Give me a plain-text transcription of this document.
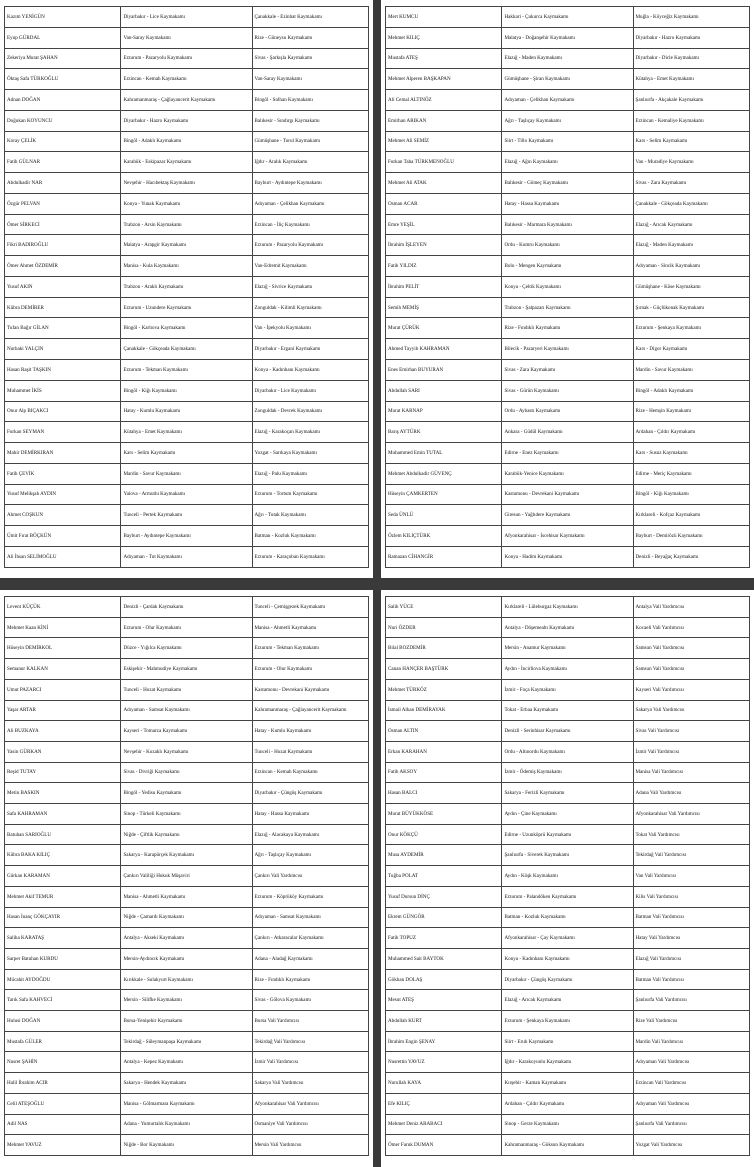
Kazım YENİGÜN	Diyarbakır - Lice Kaymakamı	Çanakkale - Ezinbat Kaymakamı
Eyup GÜRDAL	Van-Saray Kaymakamı	Rize - Güneysu Kaymakamı
Zekeriya Murat ŞAHAN	Erzurum - Pazaryolu Kaymakamı	Sivas - Şarkışla Kaymakamı
Öktaş Safa TÜRKOĞLU	Erzincan - Kemah Kaymakamı	Van-Saray Kaymakamı
Adnan DOĞAN	Kahramanmaraş - Çağlayancerit Kaymakamı	Bingöl - Solhan Kaymakamı
Doğukan KOYUNCU	Diyarbakır - Hazro Kaymakamı	Balıkesir - Sındırgı Kaymakamı
Koray ÇELİK	Bingöl - Adaklı Kaymakamı	Gümüşhane - Torul Kaymakamı
Fatih GÜLNAR	Karabük - Eskipazar Kaymakamı	Iğdır - Aralık Kaymakamı
Abdulkadir NAR	Nevşehir - Hacıbektaş Kaymakamı	Bayburt - Aydıntepe Kaymakamı
Özgür PELVAN	Konya - Yunak Kaymakamı	Adıyaman - Çelikhan Kaymakamı
Ömer SİRKECİ	Trabzon - Arsin Kaymakamı	Erzincan - İliç Kaymakamı
Fikri BADIROĞLU	Malatya - Arapgir Kaymakamı	Erzurum - Pazaryolu Kaymakamı
Ömer Ahmet ÖZDEMİR	Manisa - Kula Kaymakamı	Van-Edremit Kaymakamı
Yusuf AKIN	Trabzon - Araklı Kaymakamı	Elazığ - Sivrice Kaymakamı
Kübra DEMİRER	Erzurum - Uzundere Kaymakamı	Zonguldak - Kilimli Kaymakamı
Tufan Bağır GİLAN	Bingöl - Karlıova Kaymakamı	Van - İpekyolu Kaymakamı
Nurbaki YALÇIN	Çanakkale - Gökçeada Kaymakamı	Diyarbakır - Ergani Kaymakamı
Hasan Raşit TAŞKIN	Erzurum - Tekman Kaymakamı	Konya - Kadınhanı Kaymakamı
Muhammet İKİS	Bingöl - Kiğı Kaymakamı	Diyarbakır - Lice Kaymakamı
Onur Alp BIÇAKCI	Hatay - Kumlu Kaymakamı	Zonguldak - Devrek Kaymakamı
Furkan SEYMAN	Kütahya - Emet Kaymakamı	Elazığ - Karakoçan Kaymakamı
Mahir DEMİRKIRAN	Kars - Selim Kaymakamı	Yozgat - Sarıkaya Kaymakamı
Fatih ÇEVİK	Mardin - Savur Kaymakamı	Elazığ - Palu Kaymakamı
Yusuf Melikşah AYDIN	Yalova - Armutlu Kaymakamı	Erzurum - Tortum Kaymakamı
Ahmet COŞKUN	Tunceli - Pertek Kaymakamı	Ağrı - Tutak Kaymakamı
Ümit Fırat BÖÇKÜN	Bayburt - Aydıntepe Kaymakamı	Batman - Kozluk Kaymakamı
Ali İhsan SELİMOĞLU	Adıyaman - Tut Kaymakamı	Erzurum - Karaçoban Kaymakamı
Mert KUMCU	Hakkari - Çukurca Kaymakamı	Muğla - Köyceğiz Kaymakamı
Mehmet KILIÇ	Malatya - Doğanşehir Kaymakamı	Diyarbakır - Hazro Kaymakamı
Mustafa ATEŞ	Elazığ - Maden Kaymakamı	Diyarbakır - Dicle Kaymakamı
Mehmet Alperen BAŞKAPAN	Gümüşhane - Şiran Kaymakamı	Kütahya - Emet Kaymakamı
Ali Cemal ALTINÖZ	Adıyaman - Çelikhan Kaymakamı	Şanlıurfa - Akçakale Kaymakamı
Emirhan ARIKAN	Ağrı - Taşlıçay Kaymakamı	Erzincan - Kemaliye Kaymakamı
Mehmet Ali SEMİZ	Siirt - Tillo Kaymakamı	Kars - Selim Kaymakamı
Furkan Taha TÜRKMENOĞLU	Elazığ - Ağın Kaymakamı	Van - Muradiye Kaymakamı
Mehmet Ali ATAK	Balıkesir - Gömeç Kaymakamı	Sivas - Zara Kaymakamı
Osman ACAR	Hatay - Hassa Kaymakamı	Çanakkale - Gökçeada Kaymakamı
Emre YEŞİL	Balıkesir - Marmara Kaymakamı	Elazığ - Arıcak Kaymakamı
İbrahim İŞLEYEN	Ordu - Kumru Kaymakamı	Elazığ - Maden Kaymakamı
Fatih YILDIZ	Bolu - Mengen Kaymakamı	Adıyaman - Sincik Kaymakamı
İbrahim PELİT	Konya - Çeltik Kaymakamı	Gümüşhane - Köse Kaymakamı
Semih MEMİŞ	Trabzon - Şalpazarı Kaymakamı	Şırnak - Güçlükonak Kaymakamı
Murat ÇÜRÜK	Rize - Fındıklı Kaymakamı	Erzurum - Şenkaya Kaymakamı
Ahmed Tayyib KAHRAMAN	Bilecik - Pazaryeri Kaymakamı	Kars - Digor Kaymakamı
Enes Emirhan BUYURAN	Sivas - Zara Kaymakamı	Mardin - Savur Kaymakamı
Abdullah SARI	Sivas - Gürün Kaymakamı	Bingöl - Adaklı Kaymakamı
Murat KARNAP	Ordu - Aybastı Kaymakamı	Rize - Hemşin Kaymakamı
Barış AYTÜRK	Ankara - Güdül Kaymakamı	Ardahan - Çıldır Kaymakamı
Muhammed Emin TUTAL	Edirne - Enez Kaymakamı	Kars - Susuz Kaymakamı
Mehmet Abdulkadir GÜVENÇ	Karabük-Yenice Kaymakamı	Edirne - Meriç Kaymakamı
Hüseyin ÇAMKERTEN	Kastamonu - Devrekani Kaymakamı	Bingöl - Kiğı Kaymakamı
Seda ÜNLÜ	Giresun - Yağlıdere Kaymakamı	Kırklareli - Kofçaz Kaymakamı
Özlem KILIÇTÜRK	Afyonkarahisar - İscehisar Kaymakamı	Bayburt - Demirözü Kaymakamı
Ramazan CİHANGİR	Konya - Hadim Kaymakamı	Denizli - Beyağaç Kaymakamı
Levent KÜÇÜK	Denizli - Çardak Kaymakamı	Tunceli - Çemişgezek Kaymakamı
Mehmet Kaan KİNİ	Erzurum - Olur Kaymakamı	Manisa - Ahmetli Kaymakamı
Hüseyin DEMİRKOL	Düzce - Yığılca Kaymakamı	Erzurum - Tekman Kaymakamı
Semanur KALKAN	Eskişehir - Mahmudiye Kaymakamı	Erzurum - Olur Kaymakamı
Umut PAZARCI	Tunceli - Hozat Kaymakamı	Kastamonu - Devrekani Kaymakamı
Yaşar ARTAR	Adıyaman - Samsat Kaymakamı	Kahramanmaraş - Çağlayancerit Kaymakamı
Ali BUZKAYA	Kayseri - Tomarza Kaymakamı	Hatay - Kumlu Kaymakamı
Yasin GÜRKAN	Nevşehir - Kozaklı Kaymakamı	Tunceli - Hozat Kaymakamı
Reşid TUTAY	Sivas - Divriği Kaymakamı	Erzincan - Kemah Kaymakamı
Metin BASKIN	Bingöl - Yedisu Kaymakamı	Diyarbakır - Çüngüş Kaymakamı
Safa KAHRAMAN	Sinop - Türkeli Kaymakamı	Hatay - Hassa Kaymakamı
Batuhan SARIOĞLU	Niğde - Çiftlik Kaymakamı	Elazığ - Alacakaya Kaymakamı
Kübra BAKA KILIÇ	Sakarya - Karapürçek Kaymakamı	Ağrı - Taşlıçay Kaymakamı
Gürkan KARAMAN	Çankırı Valiliği Hukuk Müşaviri	Çankırı Vali Yardımcısı
Mehmet Akif TEMUR	Manisa - Ahmetli Kaymakamı	Erzurum - Köprüköy Kaymakamı
Hasan İnanç GÖKÇAYIR	Niğde - Çamardı Kaymakamı	Adıyaman - Samsat Kaymakamı
Saliha KARATAŞ	Antalya - Akseki Kaymakamı	Çankırı - Atkaracalar Kaymakamı
Sarper Batuhan KURDU	Mersin-Aydıncık Kaymakamı	Adana - Aladağ Kaymakamı
Mücahit AYDOĞDU	Kırıkkale - Sulakyurt Kaymakamı	Rize - Fındıklı Kaymakamı
Tarık Safa KAHVECİ	Mersin - Silifke Kaymakamı	Sivas - Gölova Kaymakamı
Hulusi DOĞAN	Bursa-Yenişehir Kaymakamı	Bursa Vali Yardımcısı
Mustafa GÜLER	Tekirdağ - Süleymanpaşa Kaymakamı	Tekirdağ Vali Yardımcısı
Nusret ŞAHİN	Antalya - Kepez Kaymakamı	İzmir Vali Yardımcısı
Halil İbrahim ACIR	Sakarya - Hendek Kaymakamı	Sakarya Vali Yardımcısı
Celil ATEŞOĞLU	Manisa - Gölmarmara Kaymakamı	Afyonkarahisar Vali Yardımcısı
Adil NAS	Adana - Yumurtalık Kaymakamı	Osmaniye Vali Yardımcısı
Mehmet YAVUZ	Niğde - Bor Kaymakamı	Mersin Vali Yardımcısı
Salih YÜCE	Kırklareli - Lüleburgaz Kaymakamı	Antalya Vali Yardımcısı
Nuri ÖZDER	Antalya - Döşemealtı Kaymakamı	Kocaeli Vali Yardımcısı
Bilal BOZDEMİR	Mersin - Anamur Kaymakamı	Samsun Vali Yardımcısı
Canan HANÇER BAŞTÜRK	Aydın - İncirliova Kaymakamı	Samsun Vali Yardımcısı
Mehmet TÜRKÖZ	İzmir - Foça Kaymakamı	Kayseri Vali Yardımcısı
İsmail Alkan DEMİRAYAK	Tokat - Erbaa Kaymakamı	Sakarya Vali Yardımcısı
Osman ALTIN	Denizli - Serinhisar Kaymakamı	Sivas Vali Yardımcısı
Erkan KARAHAN	Ordu - Altınordu Kaymakamı	İzmir Vali Yardımcısı
Fatih AKSOY	İzmir - Ödemiş Kaymakamı	Manisa Vali Yardımcısı
Hasan BALCI	Sakarya - Ferizli Kaymakamı	Adana Vali Yardımcısı
Murat BÜYÜKKÖSE	Aydın - Çine Kaymakamı	Afyonkarahisar Vali Yardımcısı
Onur KÖKÇÜ	Edirne - Uzunköprü Kaymakamı	Tokat Vali Yardımcısı
Musa AYDEMİR	Şanlıurfa - Siverek Kaymakamı	Tekirdağ Vali Yardımcısı
Tuğba POLAT	Aydın - Köşk Kaymakamı	Van Vali Yardımcısı
Yusuf Dursun DİNÇ	Erzurum - Palandöken Kaymakamı	Kilis Vali Yardımcısı
Ekrem GÜNGÖR	Batman - Kozluk Kaymakamı	Batman Vali Yardımcısı
Fatih TOPUZ	Afyonkarahisar - Çay Kaymakamı	Hatay Vali Yardımcısı
Muhammed Sait BAYTOK	Konya - Kadınhanı Kaymakamı	Elazığ Vali Yardımcısı
Gökhan DOLAŞ	Diyarbakır - Çüngüş Kaymakamı	Batman Vali Yardımcısı
Mesut ATEŞ	Elazığ - Arıcak Kaymakamı	Şanlıurfa Vali Yardımcısı
Abdullah KURT	Erzurum - Şenkaya Kaymakamı	Rize Vali Yardımcısı
İbrahim Engin ŞENAY	Siirt - Eruh Kaymakamı	Mardin Vali Yardımcısı
Nusrettin YAVUZ	Iğdır - Karakoyunlu Kaymakamı	Adıyaman Vali Yardımcısı
Nurullah KAYA	Kırşehir - Kaman Kaymakamı	Erzincan Vali Yardımcısı
Efe KILIÇ	Ardahan - Çıldır Kaymakamı	Adıyaman Vali Yardımcısı
Mehmet Deniz ARABACI	Sinop - Gerze Kaymakamı	Şanlıurfa Vali Yardımcısı
Ömer Faruk DUMAN	Kahramanmaraş - Göksun Kaymakamı	Yozgat Vali Yardımcısı
